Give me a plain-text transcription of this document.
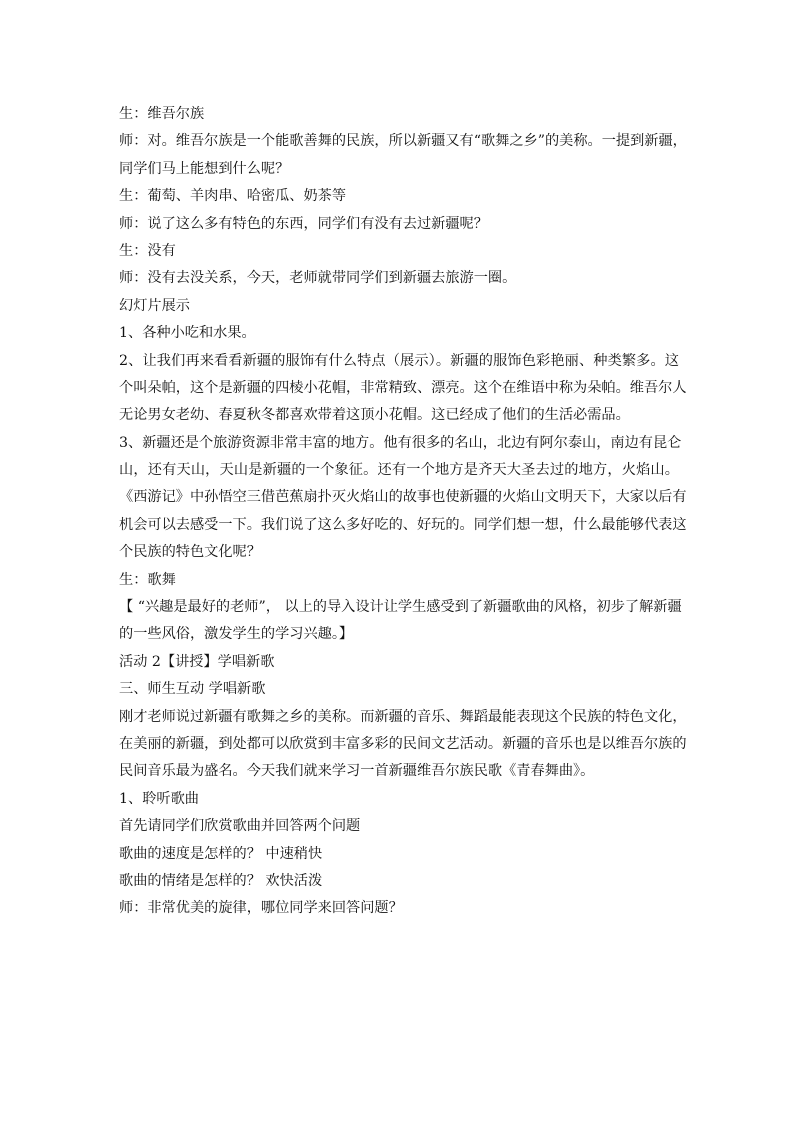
生：维吾尔族
师：对。维吾尔族是一个能歌善舞的民族，所以新疆又有“歌舞之乡”的美称。一提到新疆，
同学们马上能想到什么呢？
生：葡萄、羊肉串、哈密瓜、奶茶等
师：说了这么多有特色的东西，同学们有没有去过新疆呢？
生：没有
师：没有去没关系，今天，老师就带同学们到新疆去旅游一圈。
幻灯片展示
1、各种小吃和水果。
2、让我们再来看看新疆的服饰有什么特点（展示）。新疆的服饰色彩艳丽、种类繁多。这
个叫朵帕，这个是新疆的四棱小花帽，非常精致、漂亮。这个在维语中称为朵帕。维吾尔人
无论男女老幼、春夏秋冬都喜欢带着这顶小花帽。这已经成了他们的生活必需品。
3、新疆还是个旅游资源非常丰富的地方。他有很多的名山，北边有阿尔泰山，南边有昆仑
山，还有天山，天山是新疆的一个象征。还有一个地方是齐天大圣去过的地方，火焰山。
《西游记》中孙悟空三借芭蕉扇扑灭火焰山的故事也使新疆的火焰山文明天下，大家以后有
机会可以去感受一下。我们说了这么多好吃的、好玩的。同学们想一想，什么最能够代表这
个民族的特色文化呢？
生：歌舞
【 “兴趣是最好的老师”， 以上的导入设计让学生感受到了新疆歌曲的风格，初步了解新疆
的一些风俗，激发学生的学习兴趣。】
活动 2【讲授】学唱新歌
三、师生互动 学唱新歌
刚才老师说过新疆有歌舞之乡的美称。而新疆的音乐、舞蹈最能表现这个民族的特色文化，
在美丽的新疆，到处都可以欣赏到丰富多彩的民间文艺活动。新疆的音乐也是以维吾尔族的
民间音乐最为盛名。今天我们就来学习一首新疆维吾尔族民歌《青春舞曲》。
1、聆听歌曲
首先请同学们欣赏歌曲并回答两个问题
歌曲的速度是怎样的？ 中速稍快
歌曲的情绪是怎样的？ 欢快活泼
师：非常优美的旋律，哪位同学来回答问题？
